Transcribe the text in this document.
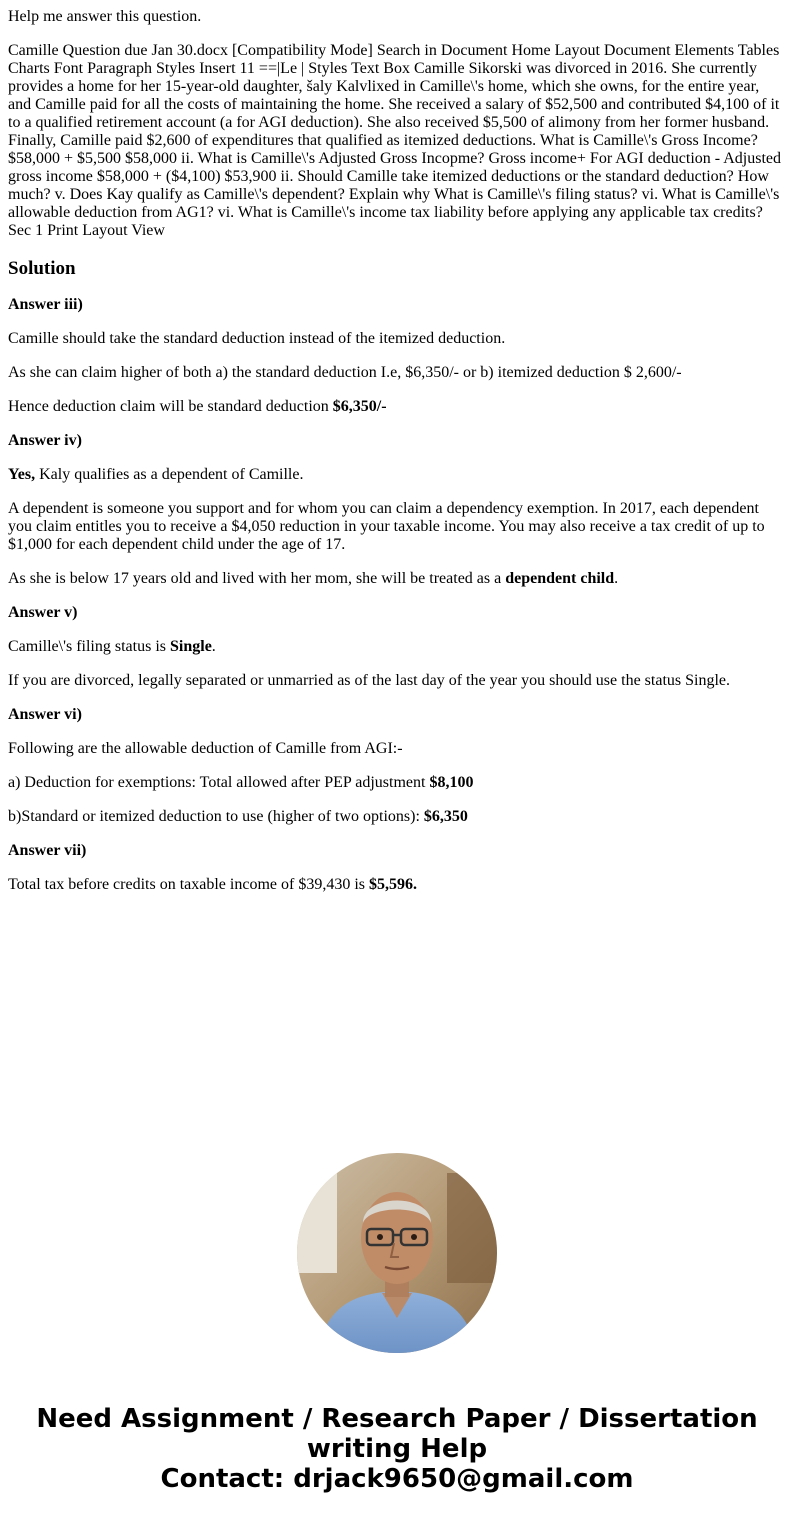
Help me answer this question.

Camille Question due Jan 30.docx [Compatibility Mode] Search in Document Home Layout Document Elements Tables Charts Font Paragraph Styles Insert 11 ==|Le | Styles Text Box Camille Sikorski was divorced in 2016. She currently provides a home for her 15-year-old daughter, šaly Kalvlixed in Camille\'s home, which she owns, for the entire year, and Camille paid for all the costs of maintaining the home. She received a salary of $52,500 and contributed $4,100 of it to a qualified retirement account (a for AGI deduction). She also received $5,500 of alimony from her former husband. Finally, Camille paid $2,600 of expenditures that qualified as itemized deductions. What is Camille\'s Gross Income? $58,000 + $5,500 $58,000 ii. What is Camille\'s Adjusted Gross Incopme? Gross income+ For AGI deduction - Adjusted gross income $58,000 + ($4,100) $53,900 ii. Should Camille take itemized deductions or the standard deduction? How much? v. Does Kay qualify as Camille\'s dependent? Explain why What is Camille\'s filing status? vi. What is Camille\'s allowable deduction from AG1? vi. What is Camille\'s income tax liability before applying any applicable tax credits? Sec 1 Print Layout View

Solution

Answer iii)

Camille should take the standard deduction instead of the itemized deduction.

As she can claim higher of both a) the standard deduction I.e, $6,350/- or b) itemized deduction $ 2,600/-

Hence deduction claim will be standard deduction $6,350/-

Answer iv)

Yes, Kaly qualifies as a dependent of Camille.

A dependent is someone you support and for whom you can claim a dependency exemption. In 2017, each dependent you claim entitles you to receive a $4,050 reduction in your taxable income. You may also receive a tax credit of up to $1,000 for each dependent child under the age of 17.

As she is below 17 years old and lived with her mom, she will be treated as a dependent child.

Answer v)

Camille\'s filing status is Single.

If you are divorced, legally separated or unmarried as of the last day of the year you should use the status Single.

Answer vi)

Following are the allowable deduction of Camille from AGI:-

a) Deduction for exemptions: Total allowed after PEP adjustment $8,100

b)Standard or itemized deduction to use (higher of two options): $6,350

Answer vii)

Total tax before credits on taxable income of $39,430 is $5,596.

Need Assignment / Research Paper / Dissertation
writing Help
Contact: drjack9650@gmail.com
